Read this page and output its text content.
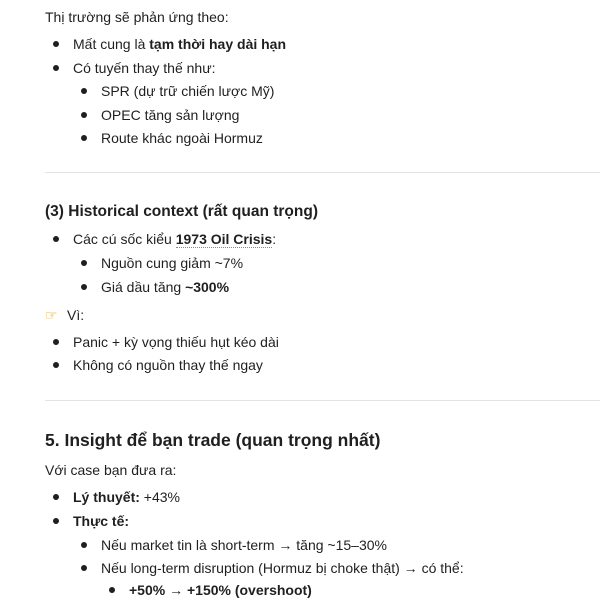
Thị trường sẽ phản ứng theo:
Mất cung là tạm thời hay dài hạn
Có tuyến thay thế như:
SPR (dự trữ chiến lược Mỹ)
OPEC tăng sản lượng
Route khác ngoài Hormuz
(3) Historical context (rất quan trọng)
Các cú sốc kiểu 1973 Oil Crisis:
Nguồn cung giảm ~7%
Giá dầu tăng ~300%
☞ Vì:
Panic + kỳ vọng thiếu hụt kéo dài
Không có nguồn thay thế ngay
5. Insight để bạn trade (quan trọng nhất)
Với case bạn đưa ra:
Lý thuyết: +43%
Thực tế:
Nếu market tin là short-term → tăng ~15–30%
Nếu long-term disruption (Hormuz bị choke thật) → có thể:
+50% → +150% (overshoot)
